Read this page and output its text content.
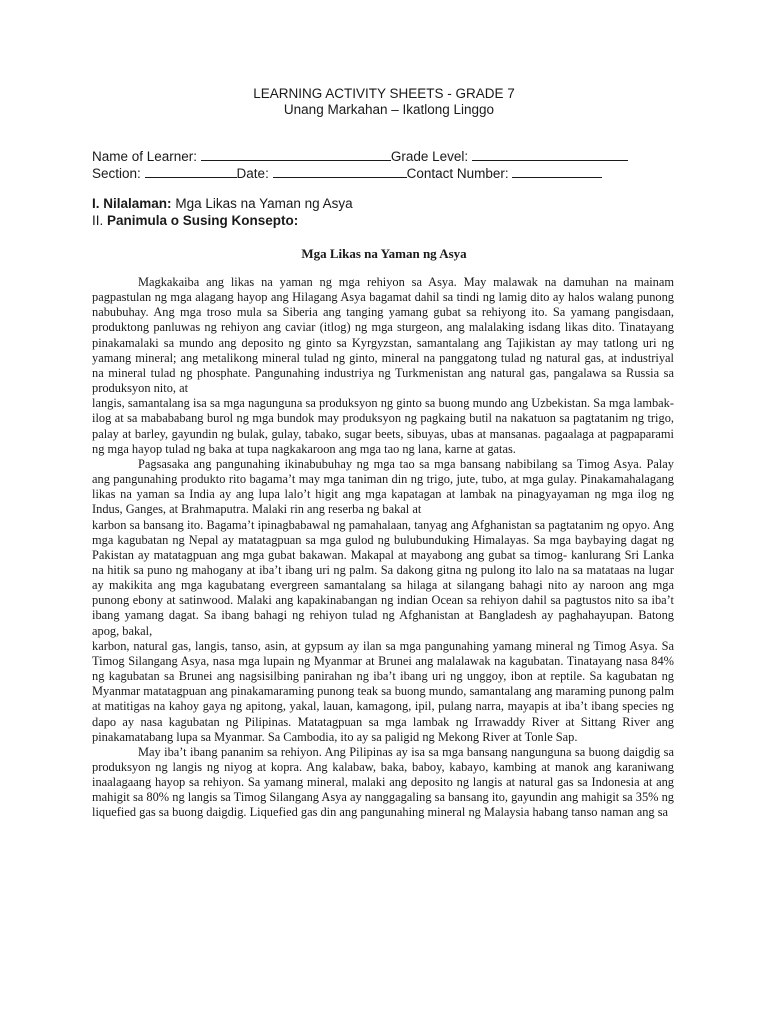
LEARNING ACTIVITY SHEETS - GRADE 7
Unang Markahan – Ikatlong Linggo
Name of Learner:	Grade Level:
Section:	Date:	Contact Number:
I. Nilalaman: Mga Likas na Yaman ng Asya
II. Panimula o Susing Konsepto:
Mga Likas na Yaman ng Asya

Magkakaiba ang likas na yaman ng mga rehiyon sa Asya. May malawak na damuhan na mainam pagpastulan ng mga alagang hayop ang Hilagang Asya bagamat dahil sa tindi ng lamig dito ay halos walang punong nabubuhay. Ang mga troso mula sa Siberia ang tanging yamang gubat sa rehiyong ito. Sa yamang pangisdaan, produktong panluwas ng rehiyon ang caviar (itlog) ng mga sturgeon, ang malalaking isdang likas dito. Tinatayang pinakamalaki sa mundo ang deposito ng ginto sa Kyrgyzstan, samantalang ang Tajikistan ay may tatlong uri ng yamang mineral; ang metalikong mineral tulad ng ginto, mineral na panggatong tulad ng natural gas, at industriyal na mineral tulad ng phosphate. Pangunahing industriya ng Turkmenistan ang natural gas, pangalawa sa Russia sa produksyon nito, at

langis, samantalang isa sa mga nagunguna sa produksyon ng ginto sa buong mundo ang Uzbekistan. Sa mga lambak-ilog at sa mabababang burol ng mga bundok may produksyon ng pagkaing butil na nakatuon sa pagtatanim ng trigo, palay at barley, gayundin ng bulak, gulay, tabako, sugar beets, sibuyas, ubas at mansanas. pagaalaga at pagpaparami ng mga hayop tulad ng baka at tupa nagkakaroon ang mga tao ng lana, karne at gatas.

Pagsasaka ang pangunahing ikinabubuhay ng mga tao sa mga bansang nabibilang sa Timog Asya. Palay ang pangunahing produkto rito bagama’t may mga taniman din ng trigo, jute, tubo, at mga gulay. Pinakamahalagang likas na yaman sa India ay ang lupa lalo’t higit ang mga kapatagan at lambak na pinagyayaman ng mga ilog ng Indus, Ganges, at Brahmaputra. Malaki rin ang reserba ng bakal at

karbon sa bansang ito. Bagama’t ipinagbabawal ng pamahalaan, tanyag ang Afghanistan sa pagtatanim ng opyo. Ang mga kagubatan ng Nepal ay matatagpuan sa mga gulod ng bulubunduking Himalayas. Sa mga baybaying dagat ng Pakistan ay matatagpuan ang mga gubat bakawan. Makapal at mayabong ang gubat sa timog- kanlurang Sri Lanka na hitik sa puno ng mahogany at iba’t ibang uri ng palm. Sa dakong gitna ng pulong ito lalo na sa matataas na lugar ay makikita ang mga kagubatang evergreen samantalang sa hilaga at silangang bahagi nito ay naroon ang mga punong ebony at satinwood. Malaki ang kapakinabangan ng indian Ocean sa rehiyon dahil sa pagtustos nito sa iba’t ibang yamang dagat. Sa ibang bahagi ng rehiyon tulad ng Afghanistan at Bangladesh ay paghahayupan. Batong apog, bakal,

karbon, natural gas, langis, tanso, asin, at gypsum ay ilan sa mga pangunahing yamang mineral ng Timog Asya. Sa Timog Silangang Asya, nasa mga lupain ng Myanmar at Brunei ang malalawak na kagubatan. Tinatayang nasa 84% ng kagubatan sa Brunei ang nagsisilbing panirahan ng iba’t ibang uri ng unggoy, ibon at reptile. Sa kagubatan ng Myanmar matatagpuan ang pinakamaraming punong teak sa buong mundo, samantalang ang maraming punong palm at matitigas na kahoy gaya ng apitong, yakal, lauan, kamagong, ipil, pulang narra, mayapis at iba’t ibang species ng dapo ay nasa kagubatan ng Pilipinas. Matatagpuan sa mga lambak ng Irrawaddy River at Sittang River ang pinakamatabang lupa sa Myanmar. Sa Cambodia, ito ay sa paligid ng Mekong River at Tonle Sap.

May iba’t ibang pananim sa rehiyon. Ang Pilipinas ay isa sa mga bansang nangunguna sa buong daigdig sa produksyon ng langis ng niyog at kopra. Ang kalabaw, baka, baboy, kabayo, kambing at manok ang karaniwang inaalagaang hayop sa rehiyon. Sa yamang mineral, malaki ang deposito ng langis at natural gas sa Indonesia at ang mahigit sa 80% ng langis sa Timog Silangang Asya ay nanggagaling sa bansang ito, gayundin ang mahigit sa 35% ng liquefied gas sa buong daigdig. Liquefied gas din ang pangunahing mineral ng Malaysia habang tanso naman ang sa
